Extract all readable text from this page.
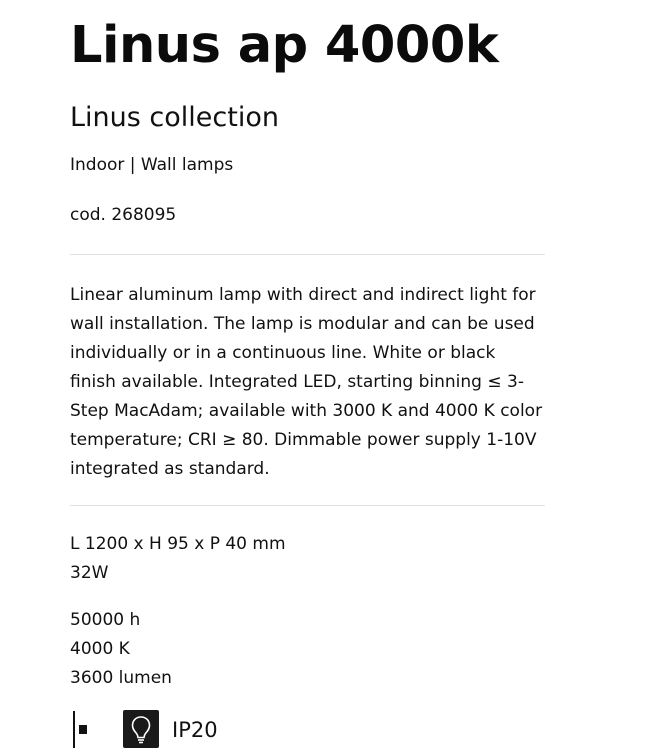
Linus ap 4000k
Linus collection
Indoor | Wall lamps
cod. 268095

Linear aluminum lamp with direct and indirect light for wall installation. The lamp is modular and can be used individually or in a continuous line. White or black finish available. Integrated LED, starting binning ≤ 3-Step MacAdam; available with 3000 K and 4000 K color temperature; CRI ≥ 80. Dimmable power supply 1-10V integrated as standard.

L 1200 x H 95 x P 40 mm
32W
50000 h
4000 K
3600 lumen
IP20
